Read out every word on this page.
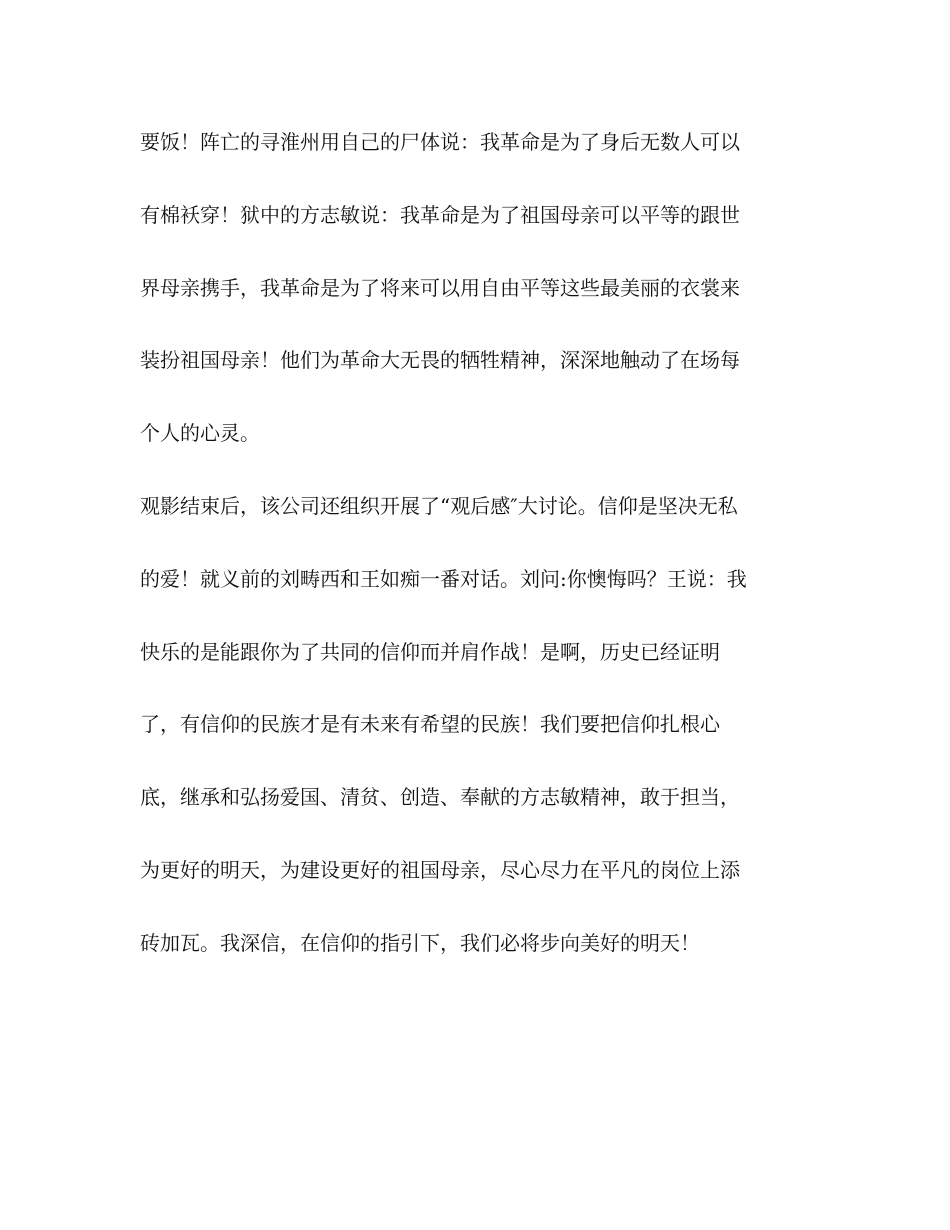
要饭！阵亡的寻淮州用自己的尸体说：我革命是为了身后无数人可以
有棉袄穿！狱中的方志敏说：我革命是为了祖国母亲可以平等的跟世
界母亲携手，我革命是为了将来可以用自由平等这些最美丽的衣裳来
装扮祖国母亲！他们为革命大无畏的牺牲精神，深深地触动了在场每
个人的心灵。
观影结束后，该公司还组织开展了“观后感″大讨论。信仰是坚决无私
的爱！就义前的刘畴西和王如痴一番对话。刘问:你懊悔吗？王说：我
快乐的是能跟你为了共同的信仰而并肩作战！是啊，历史已经证明
了，有信仰的民族才是有未来有希望的民族！我们要把信仰扎根心
底，继承和弘扬爱国、清贫、创造、奉献的方志敏精神，敢于担当，
为更好的明天，为建设更好的祖国母亲，尽心尽力在平凡的岗位上添
砖加瓦。我深信，在信仰的指引下，我们必将步向美好的明天！
